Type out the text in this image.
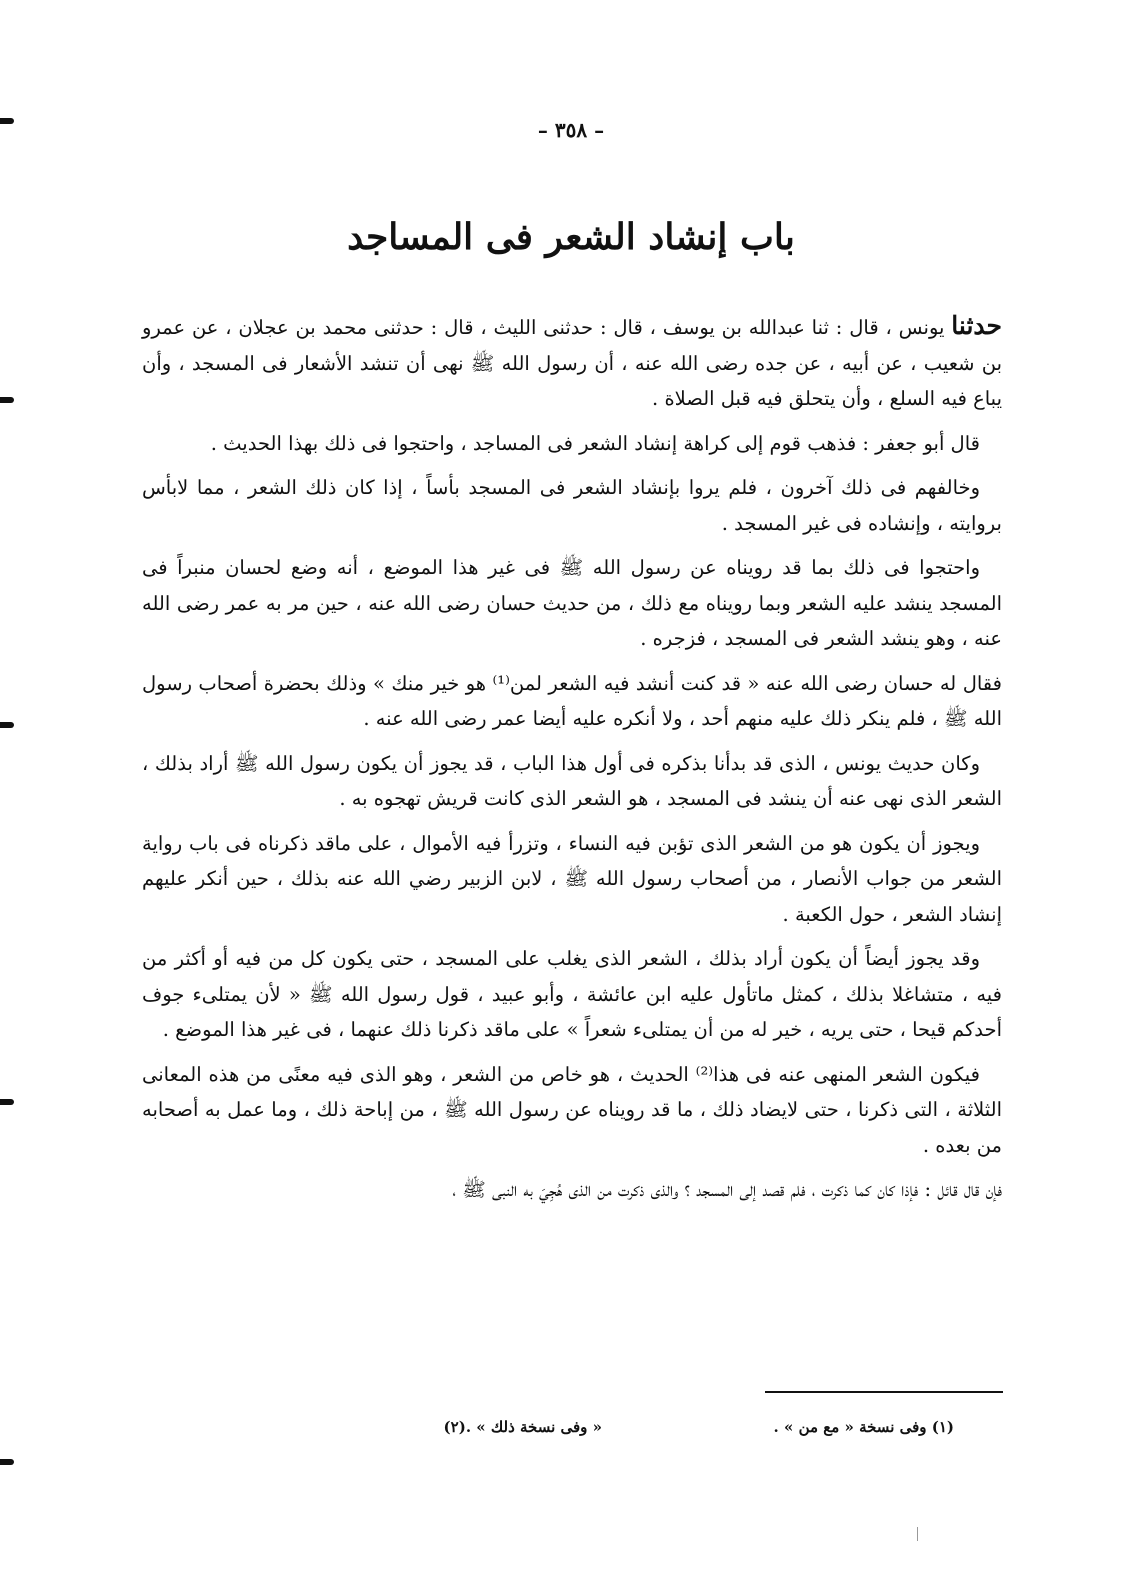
– ٣٥٨ –
باب إنشاد الشعر فى المساجد

حدثنا يونس ، قال : ثنا عبدالله بن يوسف ، قال : حدثنى الليث ، قال : حدثنى محمد بن عجلان ، عن عمرو بن شعيب ، عن أبيه ، عن جده رضى الله عنه ، أن رسول الله ﷺ نهى أن تنشد الأشعار فى المسجد ، وأن يباع فيه السلع ، وأن يتحلق فيه قبل الصلاة .

قال أبو جعفر : فذهب قوم إلى كراهة إنشاد الشعر فى المساجد ، واحتجوا فى ذلك بهذا الحديث .

وخالفهم فى ذلك آخرون ، فلم يروا بإنشاد الشعر فى المسجد بأساً ، إذا كان ذلك الشعر ، مما لابأس بروايته ، وإنشاده فى غير المسجد .

واحتجوا فى ذلك بما قد رويناه عن رسول الله ﷺ فى غير هذا الموضع ، أنه وضع لحسان منبراً فى المسجد ينشد عليه الشعر وبما رويناه مع ذلك ، من حديث حسان رضى الله عنه ، حين مر به عمر رضى الله عنه ، وهو ينشد الشعر فى المسجد ، فزجره .

فقال له حسان رضى الله عنه « قد كنت أنشد فيه الشعر لمن⁽¹⁾ هو خير منك » وذلك بحضرة أصحاب رسول الله ﷺ ، فلم ينكر ذلك عليه منهم أحد ، ولا أنكره عليه أيضا عمر رضى الله عنه .

وكان حديث يونس ، الذى قد بدأنا بذكره فى أول هذا الباب ، قد يجوز أن يكون رسول الله ﷺ أراد بذلك ، الشعر الذى نهى عنه أن ينشد فى المسجد ، هو الشعر الذى كانت قريش تهجوه به .

ويجوز أن يكون هو من الشعر الذى تؤبن فيه النساء ، وتزرأ فيه الأموال ، على ماقد ذكرناه فى باب رواية الشعر من جواب الأنصار ، من أصحاب رسول الله ﷺ ، لابن الزبير رضي الله عنه بذلك ، حين أنكر عليهم إنشاد الشعر ، حول الكعبة .

وقد يجوز أيضاً أن يكون أراد بذلك ، الشعر الذى يغلب على المسجد ، حتى يكون كل من فيه أو أكثر من فيه ، متشاغلا بذلك ، كمثل ماتأول عليه ابن عائشة ، وأبو عبيد ، قول رسول الله ﷺ « لأن يمتلىء جوف أحدكم قيحا ، حتى يريه ، خير له من أن يمتلىء شعراً » على ماقد ذكرنا ذلك عنهما ، فى غير هذا الموضع .

فيكون الشعر المنهى عنه فى هذا⁽²⁾ الحديث ، هو خاص من الشعر ، وهو الذى فيه معنًى من هذه المعانى الثلاثة ، التى ذكرنا ، حتى لايضاد ذلك ، ما قد رويناه عن رسول الله ﷺ ، من إباحة ذلك ، وما عمل به أصحابه من بعده .

فإن قال قائل : فإذا كان كما ذكرت ، فلم قصد إلى المسجد ؟ والذى ذكرت من الذى هُجِيَ به النبى ﷺ ،

(١) وفى نسخة « مع من » .
« وفى نسخة ذلك » .(٢)
